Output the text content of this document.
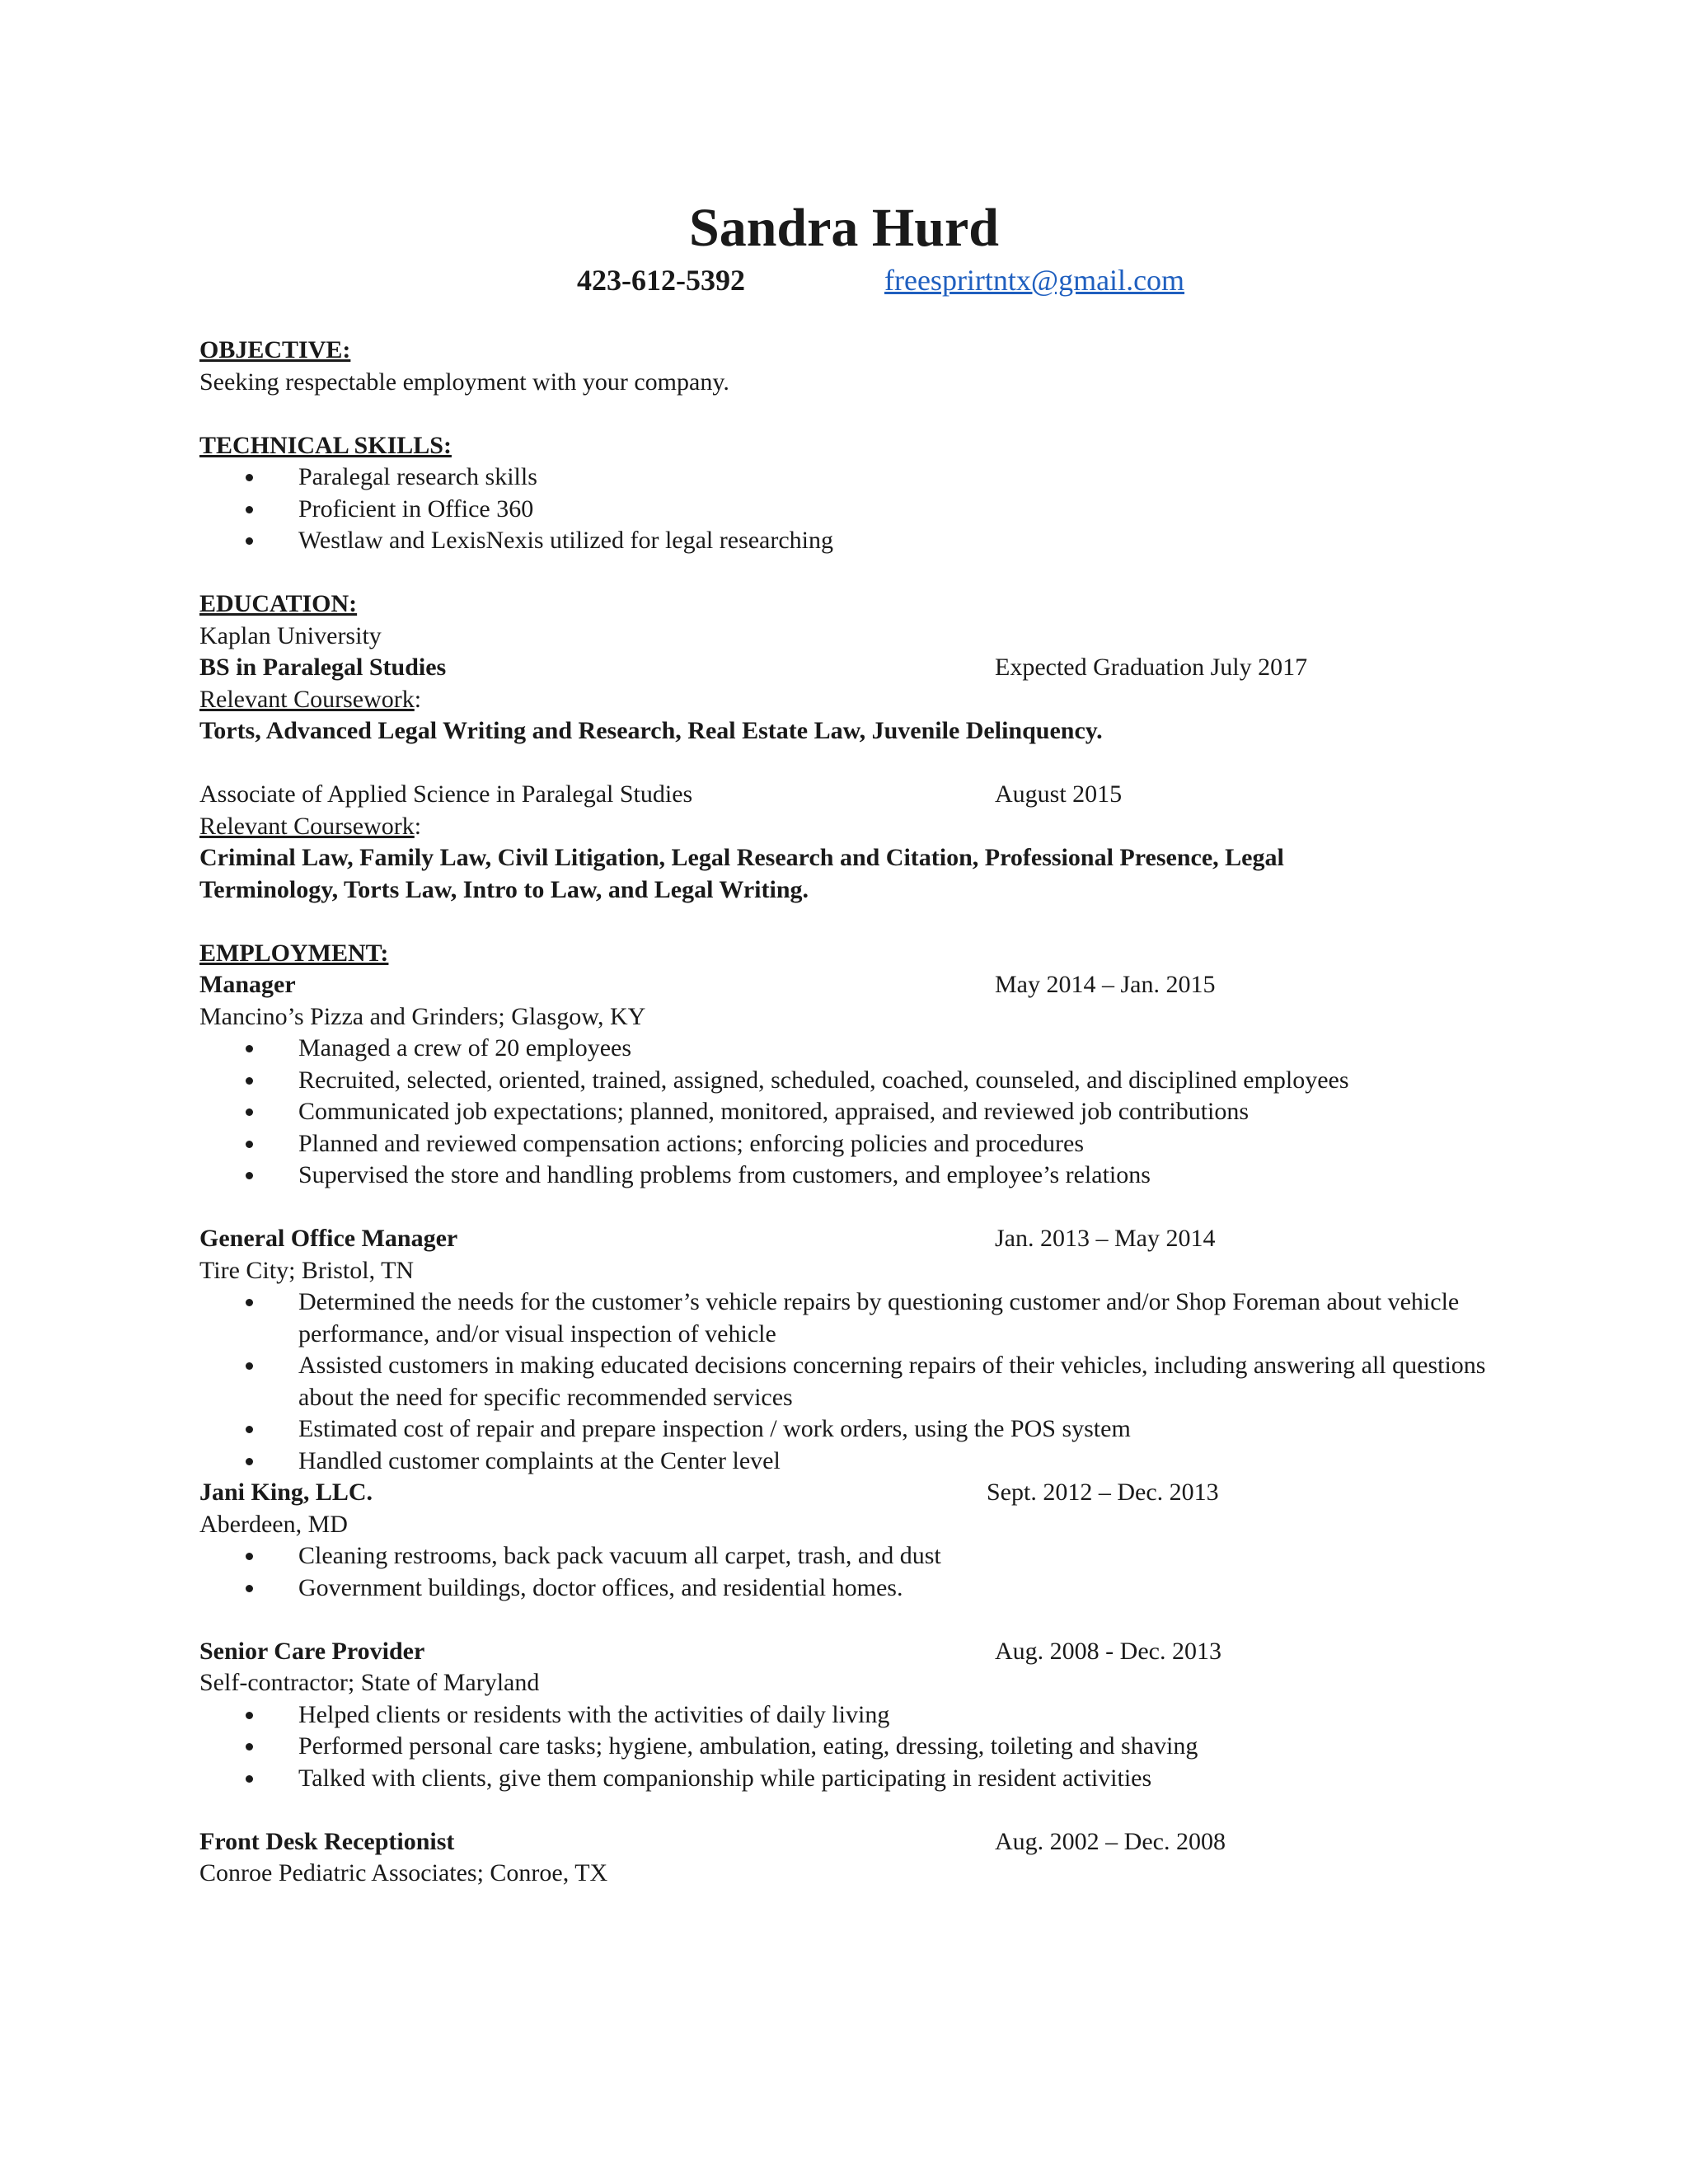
Sandra Hurd
423-612-5392	freesprirtntx@gmail.com
OBJECTIVE:
Seeking respectable employment with your company.
TECHNICAL SKILLS:
Paralegal research skills
Proficient in Office 360
Westlaw and LexisNexis utilized for legal researching
EDUCATION:
Kaplan University
BS in Paralegal Studies	Expected Graduation July 2017
Relevant Coursework:
Torts, Advanced Legal Writing and Research, Real Estate Law, Juvenile Delinquency.
Associate of Applied Science in Paralegal Studies	August 2015
Relevant Coursework:
Criminal Law, Family Law, Civil Litigation, Legal Research and Citation, Professional Presence, Legal
Terminology, Torts Law, Intro to Law, and Legal Writing.
EMPLOYMENT:
Manager	May 2014 – Jan. 2015
Mancino’s Pizza and Grinders; Glasgow, KY
Managed a crew of 20 employees
Recruited, selected, oriented, trained, assigned, scheduled, coached, counseled, and disciplined employees
Communicated job expectations; planned, monitored, appraised, and reviewed job contributions
Planned and reviewed compensation actions; enforcing policies and procedures
Supervised the store and handling problems from customers, and employee’s relations
General Office Manager	Jan. 2013 – May 2014
Tire City; Bristol, TN
Determined the needs for the customer’s vehicle repairs by questioning customer and/or Shop Foreman about vehicle performance, and/or visual inspection of vehicle
Assisted customers in making educated decisions concerning repairs of their vehicles, including answering all questions about the need for specific recommended services
Estimated cost of repair and prepare inspection / work orders, using the POS system
Handled customer complaints at the Center level
Jani King, LLC.	Sept. 2012 – Dec. 2013
Aberdeen, MD
Cleaning restrooms, back pack vacuum all carpet, trash, and dust
Government buildings, doctor offices, and residential homes.
Senior Care Provider	Aug. 2008 - Dec. 2013
Self-contractor; State of Maryland
Helped clients or residents with the activities of daily living
Performed personal care tasks; hygiene, ambulation, eating, dressing, toileting and shaving
Talked with clients, give them companionship while participating in resident activities
Front Desk Receptionist	Aug. 2002 – Dec. 2008
Conroe Pediatric Associates; Conroe, TX
